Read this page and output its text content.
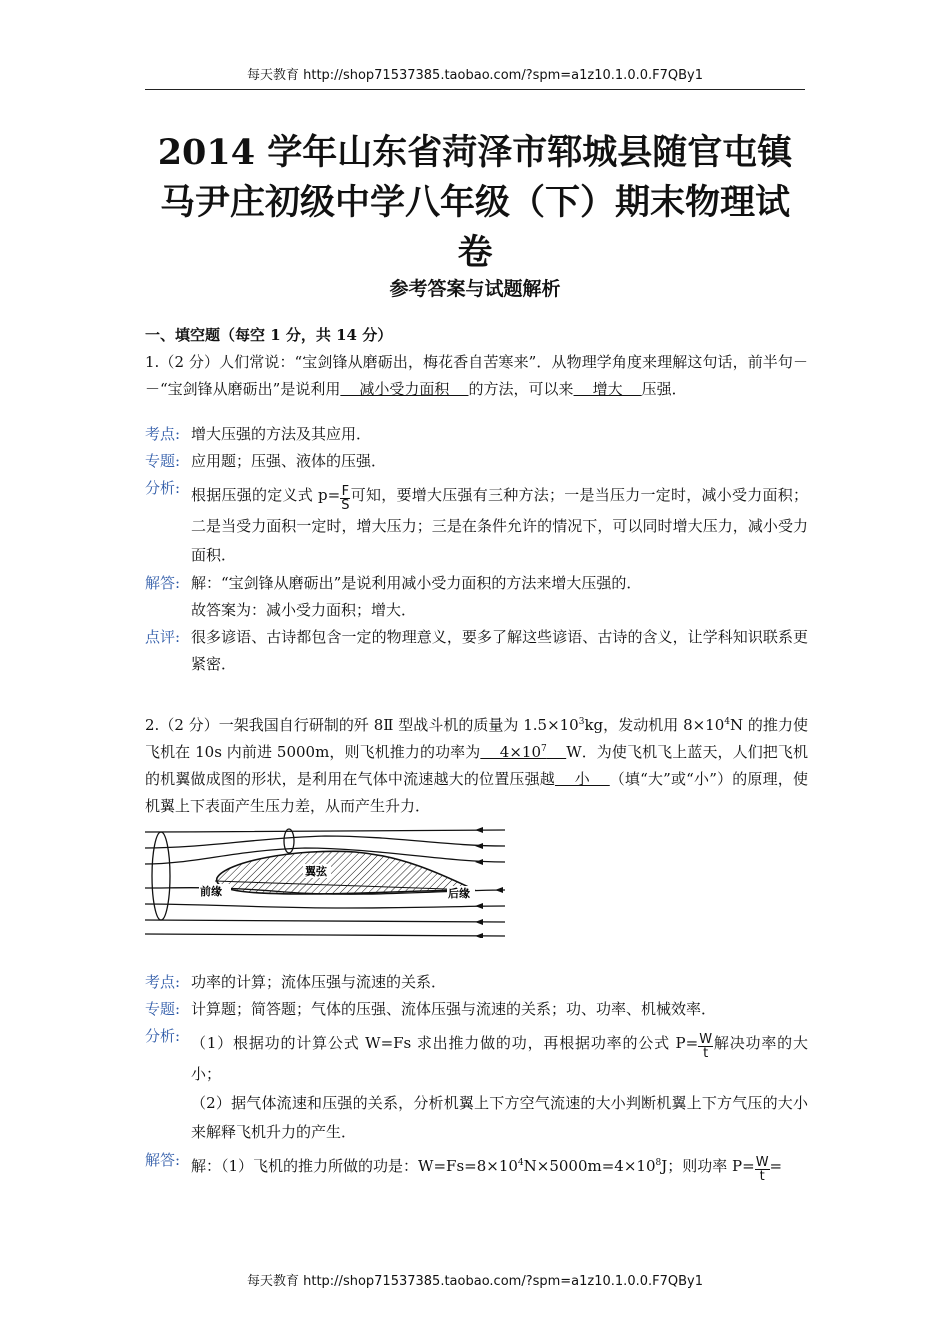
每天教育 http://shop71537385.taobao.com/?spm=a1z10.1.0.0.F7QBy1
2014 学年山东省菏泽市郓城县随官屯镇
马尹庄初级中学八年级（下）期末物理试
卷
参考答案与试题解析
一、填空题（每空 1 分，共 14 分）
1.（2 分）人们常说：“宝剑锋从磨砺出，梅花香自苦寒来”．从物理学角度来理解这句话，前半句－－“宝剑锋从磨砺出”是说利用    减小受力面积    的方法，可以来    增大    压强．
考点: 增大压强的方法及其应用．
专题: 应用题；压强、液体的压强．
分析: 根据压强的定义式 $p= \frac{F}{S}$ 可知，要增大压强有三种方法；一是当压力一定时，减小受力面积；二是当受力面积一定时，增大压力；三是在条件允许的情况下，可以同时增大压力，减小受力面积．
解答: 解：“宝剑锋从磨砺出”是说利用减小受力面积的方法来增大压强的．
故答案为：减小受力面积；增大．
点评: 很多谚语、古诗都包含一定的物理意义，要多了解这些谚语、古诗的含义，让学科知识联系更紧密．
2.（2 分）一架我国自行研制的歼 8Ⅱ 型战斗机的质量为 $1.5\times 10^3kg$，发动机用 $8\times 10^4N$ 的推力使飞机在 10s 内前进 5000m，则飞机推力的功率为    $4\times 10^7$ W．为使飞机飞上蓝天，人们把飞机的机翼做成图的形状，是利用在气体中流速越大的位置压强越    小    （填“大”或“小”）的原理，使机翼上下表面产生压力差，从而产生升力．
前缘
翼弦
后缘
考点: 功率的计算；流体压强与流速的关系．
专题: 计算题；简答题；气体的压强、流体压强与流速的关系；功、功率、机械效率．
分析: （1）根据功的计算公式 W=Fs 求出推力做的功，再根据功率的公式 $P= \frac{W}{t}$ 解决功率的大小；
（2）据气体流速和压强的关系，分析机翼上下方空气流速的大小判断机翼上下方气压的大小来解释飞机升力的产生．
解答: 解：（1）飞机的推力所做的功是：$W=Fs=8\times 10^4N\times 5000m=4\times 10^8J$；则功率 $P= \frac{W}{t}$ =
每天教育 http://shop71537385.taobao.com/?spm=a1z10.1.0.0.F7QBy1
